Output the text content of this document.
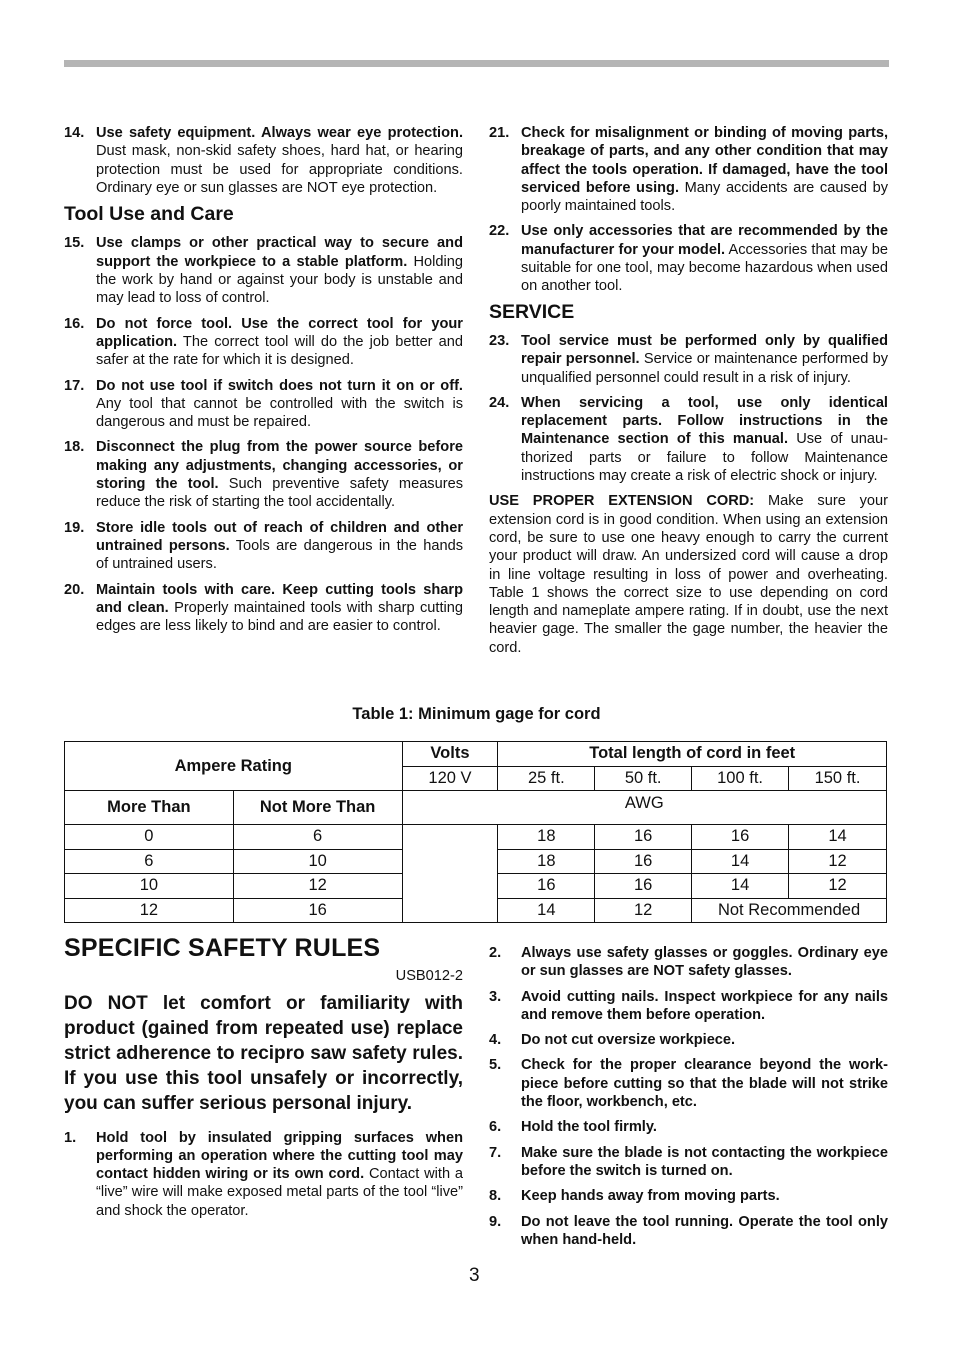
14. Use safety equipment. Always wear eye protection. Dust mask, non-skid safety shoes, hard hat, or hearing protection must be used for appropriate conditions. Ordinary eye or sun glasses are NOT eye protection.

Tool Use and Care

15. Use clamps or other practical way to secure and support the workpiece to a stable platform. Holding the work by hand or against your body is unstable and may lead to loss of control.
16. Do not force tool. Use the correct tool for your application. The correct tool will do the job better and safer at the rate for which it is designed.
17. Do not use tool if switch does not turn it on or off. Any tool that cannot be controlled with the switch is dangerous and must be repaired.
18. Disconnect the plug from the power source before making any adjustments, changing accessories, or storing the tool. Such preventive safety measures reduce the risk of starting the tool accidentally.
19. Store idle tools out of reach of children and other untrained persons. Tools are dangerous in the hands of untrained users.
20. Maintain tools with care. Keep cutting tools sharp and clean. Properly maintained tools with sharp cutting edges are less likely to bind and are easier to control.
21. Check for misalignment or binding of moving parts, breakage of parts, and any other condition that may affect the tools operation. If damaged, have the tool serviced before using. Many accidents are caused by poorly maintained tools.
22. Use only accessories that are recommended by the manufacturer for your model. Accessories that may be suitable for one tool, may become hazardous when used on another tool.

SERVICE

23. Tool service must be performed only by qualified repair personnel. Service or maintenance performed by unqualified personnel could result in a risk of injury.
24. When servicing a tool, use only identical replacement parts. Follow instructions in the Maintenance section of this manual. Use of unauthorized parts or failure to follow Maintenance instructions may create a risk of electric shock or injury.

USE PROPER EXTENSION CORD: Make sure your extension cord is in good condition. When using an extension cord, be sure to use one heavy enough to carry the current your product will draw. An undersized cord will cause a drop in line voltage resulting in loss of power and overheating. Table 1 shows the correct size to use depending on cord length and nameplate ampere rating. If in doubt, use the next heavier gage. The smaller the gage number, the heavier the cord.

Table 1: Minimum gage for cord
Ampere Rating		Volts	Total length of cord in feet			
		120 V	25 ft.	50 ft.	100 ft.	150 ft.
More Than	Not More Than	AWG				
0	6		18	16	16	14
6	10		18	16	14	12
10	12		16	16	14	12
12	16		14	12	Not Recommended	

SPECIFIC SAFETY RULES

USB012-2

DO NOT let comfort or familiarity with product (gained from repeated use) replace strict adherence to recipro saw safety rules. If you use this tool unsafely or incorrectly, you can suffer serious personal injury.

1. Hold tool by insulated gripping surfaces when performing an operation where the cutting tool may contact hidden wiring or its own cord. Contact with a “live” wire will make exposed metal parts of the tool “live” and shock the operator.
2. Always use safety glasses or goggles. Ordinary eye or sun glasses are NOT safety glasses.
3. Avoid cutting nails. Inspect workpiece for any nails and remove them before operation.
4. Do not cut oversize workpiece.
5. Check for the proper clearance beyond the workpiece before cutting so that the blade will not strike the floor, workbench, etc.
6. Hold the tool firmly.
7. Make sure the blade is not contacting the workpiece before the switch is turned on.
8. Keep hands away from moving parts.
9. Do not leave the tool running. Operate the tool only when hand-held.
3
